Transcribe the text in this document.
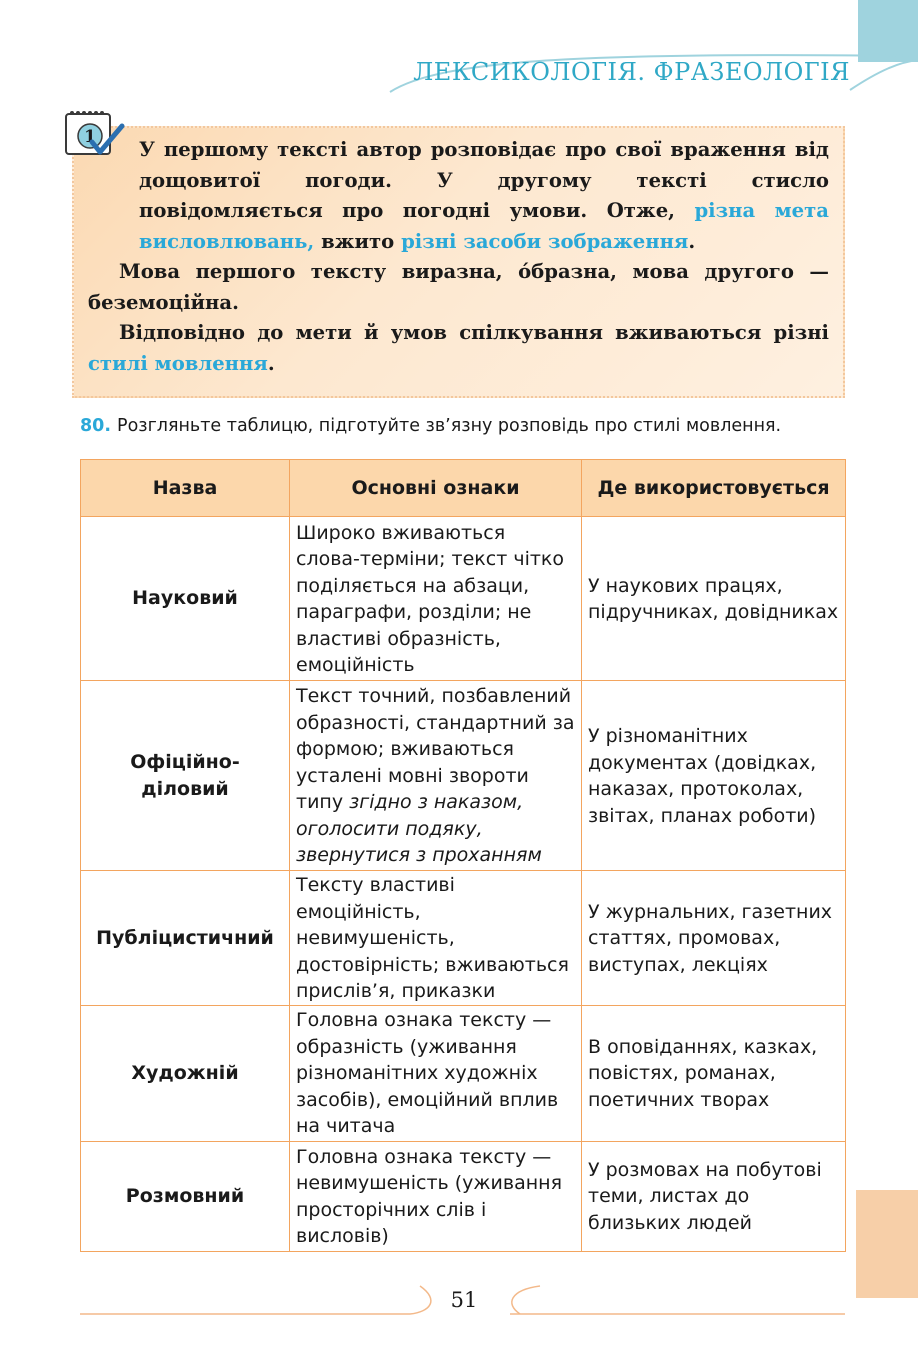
ЛЕКСИКОЛОГІЯ. ФРАЗЕОЛОГІЯ

У першому тексті автор розповідає про свої враження від дощовитої погоди. У другому тексті стисло повідомляється про погодні умови. Отже, різна мета висловлювань, вжито різні засоби зображення.

Мова першого тексту виразна, о́бразна, мова другого — беземоційна.

Відповідно до мети й умов спілкування вживаються різні стилі мовлення.

1
80. Розгляньте таблицю, підготуйте зв’язну розповідь про стилі мовлення.
Назва	Основні ознаки	Де використовується
Науковий	Широко вживаються слова-терміни; текст чітко поділяється на абзаци, параграфи, розділи; не властиві образність, емоційність	У наукових працях, підручниках, довідниках

Офіційно-
діловий	Текст точний, позбавлений образності, стандартний за формою; вживаються усталені мовні звороти типу згідно з наказом, оголосити подяку, звернутися з проханням	У різноманітних документах (довідках, наказах, протоколах, звітах, планах роботи)
Публіцистичний	Тексту властиві емоційність, невимушеність, достовірність; вживаються прислів’я, приказки	У журнальних, газетних статтях, промовах, виступах, лекціях
Художній	Головна ознака тексту — образність (уживання різноманітних художніх засобів), емоційний вплив на читача	В оповіданнях, казках, повістях, романах, поетичних творах
Розмовний	Головна ознака тексту — невимушеність (уживання просторічних слів і висловів)	У розмовах на побутові теми, листах до близьких людей
51
